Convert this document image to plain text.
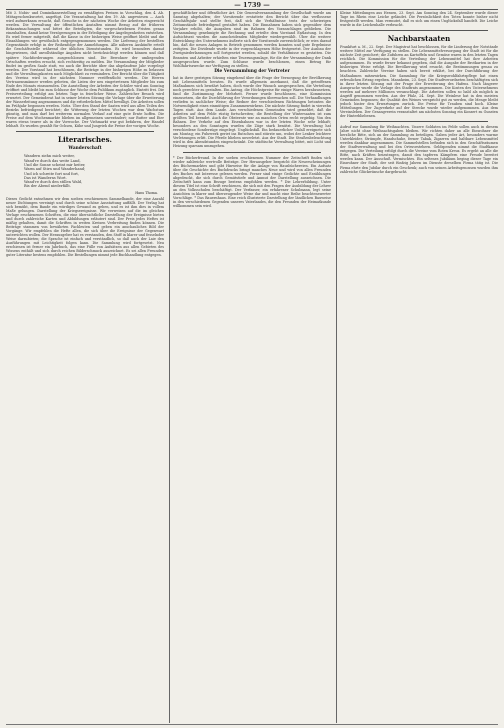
— 1739 —

Mit 3. Nobis- und Dominikanerstellung zu ermäßigten Preisen in Vorschlag, den 4. Ab. Mittageschenkwortet, angefügt. Die Veranstaltung hat den 19. Ab. angewiesen — Auch wird aufmerksam ersucht, daß Gesuche in der nächsten Woche der Arbeiten eingereicht werden. Die Verwaltung der öffentlichen Anstalten nimmt Bezug auf die früheren Bekanntmachungen und bittet die Beteiligten, die vorgeschriebenen Fristen genau einzuhalten, damit keine Verzögerungen in der Erledigung der Angelegenheiten entstehen. Es wird ferner mitgeteilt, daß die Kasse in der bisherigen Weise geöffnet bleibt und die Einzahlungen wie gewöhnlich entgegengenommen werden. Die Lieferung der bestellten Gegenstände erfolgt in der Reihenfolge der Anmeldungen. Alle näheren Auskünfte erteilt die Geschäftsstelle während der üblichen Dienststunden. Es wird besonders darauf hingewiesen, daß unvollständige Angaben nicht berücksichtigt werden können und daß spätere Nachforderungen ausgeschlossen sind. Die Bewohner der umliegenden Ortschaften werden ersucht, sich rechtzeitig zu melden. Die Versammlung der Mitglieder findet im großen Saale statt, wo auch die Berichte über das abgelaufene Jahr vorgelegt werden. Der Vorstand hat beschlossen, die Beiträge in der bisherigen Höhe zu belassen und die Verwaltungskosten nach Möglichkeit zu vermindern. Der Bericht über die Tätigkeit des Vereins wird in der nächsten Nummer veröffentlicht werden. Die Herren Vertrauensmänner werden gebeten, die Listen der neu eingetretenen Mitglieder bis zum Ende des Monats einzusenden. Die Ausstellung der Arbeiten der Schüler wird am Sonntag eröffnet und bleibt bis zum Schlusse der Woche dem Publikum zugänglich. Eintritt frei. Die Preisverteilung erfolgt am letzten Tage in feierlicher Weise. Zahlreicher Besuch wird erwartet. Der Gemeinderat hat in seiner letzten Sitzung die Vorlage über die Erweiterung der Wasserleitung angenommen und die erforderlichen Mittel bewilligt. Die Arbeiten sollen im Frühjahr begonnen werden. Notiz. Über den Stand der Saaten wird aus allen Teilen des Bezirks befriedigend berichtet; die Witterung der letzten Wochen war dem Wachstum günstig, und man darf bei weiterem normalen Verlauf auf eine gute Ernte hoffen. Die Preise auf dem Wochenmarkte blieben im allgemeinen unverändert; nur Butter und Eier waren etwas teurer als in der Vorwoche. Der Viehmarkt war gut befahren, der Handel lebhaft. Es wurden gezahlt für Ochsen, Kühe und Jungvieh die Preise der vorigen Woche.

Literarisches.
Wanderschaft
Wandern ziehn mich weiter,
Wand're durch das weite Land,
Und die Sonne scheint mir heiter,
Warm auf Stirn und Wanderhand;
Und ich schreite fort und fort,
Das ist Wanderns Wort.
Wand're durch den stillen Wald,
Bis der Abend niederfällt.
Hans Thoma.

Dieses Gedicht entnehmen wir dem soeben erschienenen Sammelbande, der eine Anzahl neuer Dichtungen vereinigt und durch seine schöne Ausstattung auffällt. Der Verlag hat sich bemüht, dem Bande ein würdiges Gewand zu geben, und es ist ihm dies in vollem Maße gelungen. Darstellung der Kriegsereignisse. Wir verweisen auf die im gleichen Verlage erschienenen Schriften, die eine übersichtliche Darstellung der Ereignisse bieten und durch zahlreiche Karten und Abbildungen erläutert sind. Der Preis jedes Heftes ist mäßig gehalten, damit die Schriften in weiten Kreisen Verbreitung finden können. Die Beiträge stammen von bewährten Fachleuten und geben ein anschauliches Bild der Vorgänge. Wir empfehlen die Hefte allen, die sich über die Ereignisse der Gegenwart unterrichten wollen. Der Herausgeber hat es verstanden, den Stoff in klarer und fesselnder Weise darzubieten; die Sprache ist einfach und verständlich, so daß auch der Laie den Ausführungen mit Leichtigkeit folgen kann. Die Sammlung wird fortgesetzt. Neu erschienen ist ferner ein Jahrbuch, das eine Fülle von Aufsätzen aus allen Gebieten des Wissens enthält und sich durch reichen Bilderschmuck auszeichnet. Es sei allen Freunden guter Literatur bestens empfohlen. Die Bestellungen nimmt jede Buchhandlung entgegen.

geschäftlicher und öffentlicher Art. Die Generalversammlung der Gesellschaft wurde am Samstag abgehalten; der Vorsitzende erstattete den Bericht über das verflossene Geschäftsjahr und stellte fest, daß sich die Verhältnisse trotz der schwierigen Zeitumstände befriedigend gestaltet haben. Die Einnahmen haben sich gegenüber dem Vorjahre erhöht, die Ausgaben sind im Rahmen des Voranschlages geblieben. Die Versammlung genehmigte die Rechnung und erteilte dem Vorstand Entlastung. In den Aufsichtsrat wurden die ausscheidenden Mitglieder wiedergewählt. Über die weitere Entwicklung des Unternehmens äußerte sich der Vorsitzende zuversichtlich; er wies darauf hin, daß die neuen Anlagen in Betrieb genommen werden konnten und gute Ergebnisse zeitigten. Die Dividende wurde in der vorgeschlagenen Höhe festgesetzt. Der Ausbau der Zweigniederlassungen soll fortgesetzt werden, sobald die Verhältnisse es gestatten. Die Beamten und Arbeiter erhielten eine Teuerungszulage, für die der Versammlung der Dank ausgesprochen wurde. Zum Schlusse wurde beschlossen, einen Betrag für Wohlfahrtszwecke zur Verfügung zu stellen.

Die Versammlung der Vertreter

hat in ihrer gestrigen Sitzung eingehend über die Frage der Versorgung der Bevölkerung mit Lebensmitteln beraten. Es wurde allgemein anerkannt, daß die getroffenen Maßnahmen sich bewährt haben, doch wurde der Wunsch ausgesprochen, die Verteilung noch gerechter zu gestalten. Ein Antrag, die Höchstpreise für einige Waren herabzusetzen, fand die Zustimmung der Mehrheit. Ferner wurde beschlossen, eine Kommission einzusetzen, die die Durchführung der Verordnungen überwachen soll. Die Verhandlungen verliefen in sachlicher Weise; die Redner der verschiedenen Richtungen betonten die Notwendigkeit eines einmütigen Zusammenwirkens. Die nächste Sitzung findet in vierzehn Tagen statt. Aus dem Lande. Aus verschiedenen Gemeinden wird gemeldet, daß die Arbeiten auf dem Felde rüstig fortschreiten; die Bestellung der Wintersaaten ist zum größten Teil beendet. Auch die Obsternte war an manchen Orten recht ergiebig. Von den Bahnen. Der Verkehr auf den Eisenbahnen war in der letzten Woche sehr lebhaft; besonders an den Sonntagen wurden die Züge stark benützt. Die Verwaltung hat verschiedene Sonderzüge eingelegt. Unglücksfall. Ein bedauerlicher Unfall ereignete sich am Montag; ein Fuhrwerk geriet ins Rutschen und stürzte um, wobei der Lenker leichtere Verletzungen erlitt. Die Pferde blieben unverletzt. Aus der Stadt. Die Straßenbeleuchtung wird in den Abendstunden eingeschränkt. Die städtische Verwaltung bittet, mit Licht und Heizung sparsam umzugehen.

* Der Bücherfreund. In der soeben erschienenen Nummer der Zeitschrift finden sich wieder zahlreiche wertvolle Beiträge. Der Herausgeber bespricht die Neuerscheinungen des Büchermarktes und gibt Hinweise für die Anlage von Hausbüchereien. Ein Aufsatz über die Geschichte des Buchdrucks bringt manches Neue und wird von allen Freunden des Buches mit Interesse gelesen werden. Ferner sind einige Gedichte und Erzählungen abgedruckt, die sich durch Gemütstiefe und Anmut der Darstellung auszeichnen. Die Zeitschrift kann zum Bezuge bestens empfohlen werden. * Die Lehrerbildung. Unter diesem Titel ist eine Schrift erschienen, die sich mit den Fragen der Ausbildung der Lehrer an den Volksschulen beschäftigt. Der Verfasser, ein erfahrener Schulmann, legt seine Ansichten in klarer und überzeugender Weise dar und macht eine Reihe beachtenswerter Vorschläge. * Das Bauernhaus. Eine reich illustrierte Darstellung der ländlichen Bauweise in den verschiedenen Gegenden unseres Vaterlandes, die den Freunden der Heimatkunde willkommen sein wird.

Kleine Mitteilungen aus Hessen, 23. Sept. Am Sonntag den 24. September wurde dieser Tage im Rhein eine Leiche geländet. Die Persönlichkeit des Toten konnte bisher nicht festgestellt werden. Man vermutet, daß es sich um einen Unglücksfall handelt. Die Leiche wurde in die Leichenhalle verbracht.

Nachbarstaaten

Frankfurt a. M., 22. Sept. Der Magistrat hat beschlossen, für die Linderung der Notstände weitere Mittel zur Verfügung zu stellen. Die Lebensmittelversorgung der Stadt ist für die nächste Zeit gesichert; die Zufuhren an Kartoffeln und Gemüse waren in den letzten Tagen reichlich. Die Kommission für die Verteilung der Lebensmittel hat ihre Arbeiten aufgenommen. Es wurde ferner bekannt gegeben, daß die Ausgabe der Brotkarten in der bisherigen Weise erfolgt. Die Bevölkerung wird ersucht, die Bestimmungen genau zu beachten. Zahlreiche Vereine haben sich bereit erklärt, bei der Durchführung der Maßnahmen mitzuwirken. Die Sammlung für die Kriegswohlfahrtspflege hat einen erfreulichen Ertrag ergeben. Mannheim, 23. Sept. Die Stadtverordneten beschäftigten sich in ihrer letzten Sitzung mit der Frage der Erweiterung des Hafens. Nach längerer Aussprache wurde die Vorlage des Stadtrats angenommen. Die Kosten des Unternehmens werden auf mehrere Millionen veranschlagt. Die Arbeiten sollen so bald als möglich in Angriff genommen werden. Aus der Pfalz, 24. Sept. Die Weinlese hat in den meisten Gemeinden begonnen; die Qualität des Weines verspricht gut zu werden, die Menge bleibt jedoch hinter den Erwartungen zurück. Die Preise für Trauben sind hoch. Kleine Mitteilungen. Der Zugverkehr auf der Strecke wurde wieder aufgenommen. Aus dem Vereinsleben. Der Gesangverein veranstaltet am nächsten Sonntag ein Konzert zu Gunsten der Hinterbliebenen.

Aufruf zur Sammlung für Weihnachten. Unsere Soldaten im Felde sollen auch in diesem Jahre nicht ohne Weihnachtsgaben bleiben. Wir richten daher an alle Einwohner die herzliche Bitte, sich an der Sammlung zu beteiligen. Gaben jeder Art, besonders warme Unterkleider, Strümpfe, Handschuhe, ferner Tabak, Zigarren und haltbare Lebensmittel werden dankbar angenommen. Die Sammelstellen befinden sich in den Geschäftsräumen der Stadtverwaltung und bei den Ortsvorstehern. Geldspenden nimmt die Stadtkasse entgegen. Die Verteilung erfolgt durch die Vereine vom Roten Kreuz. Es ergeht an alle die Bitte, nach Kräften beizutragen, damit den tapferen Kämpfern eine Freude bereitet werden kann. Der Ausschuß. Vermischtes. Ein seltenes Jubiläum beging dieser Tage ein Einwohner der Stadt, der seit fünfzig Jahren im Dienste derselben Firma tätig ist. Die Firma ehrte den Jubilar durch ein Geschenk; auch von seinen Arbeitsgenossen wurden ihm zahlreiche Glückwünsche dargebracht.
